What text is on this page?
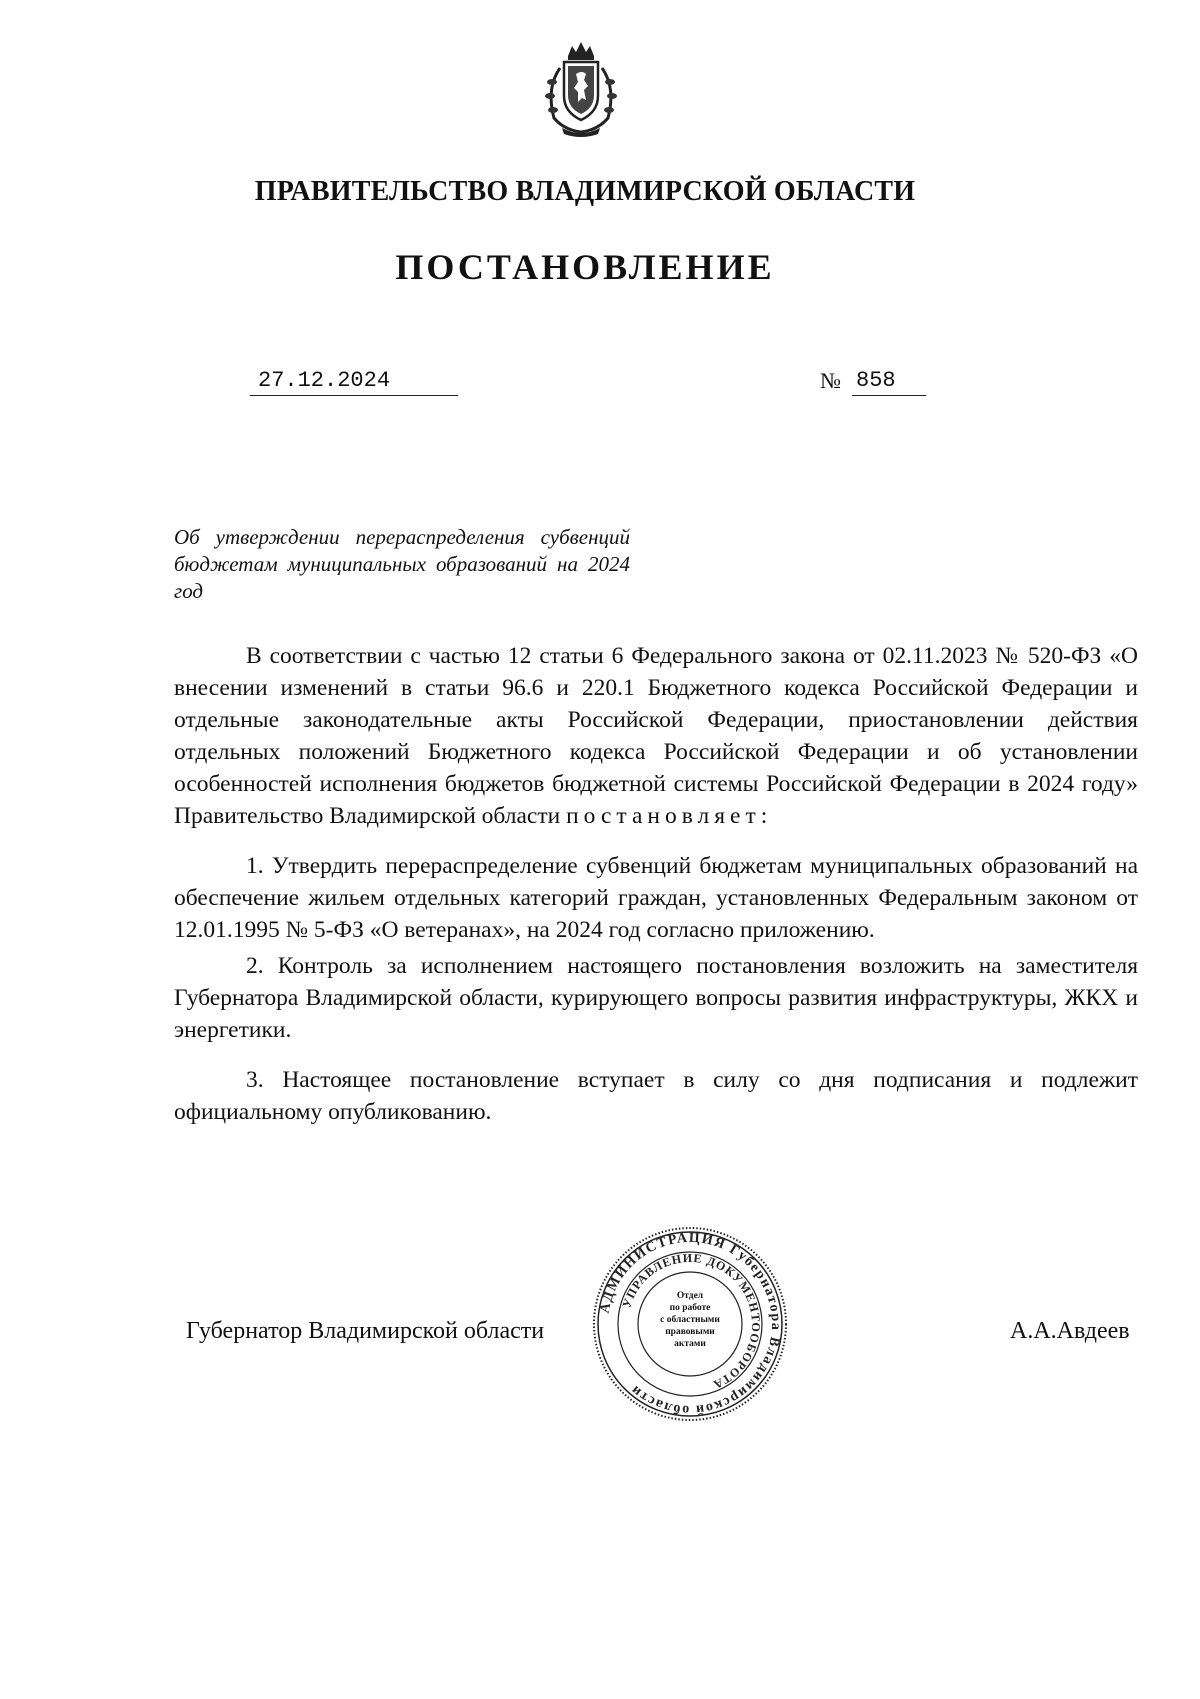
ПРАВИТЕЛЬСТВО ВЛАДИМИРСКОЙ ОБЛАСТИ
ПОСТАНОВЛЕНИЕ
27.12.2024	№ 858
Об утверждении перераспределения субвенций бюджетам муниципальных образований на 2024 год

В соответствии с частью 12 статьи 6 Федерального закона от 02.11.2023 № 520-ФЗ «О внесении изменений в статьи 96.6 и 220.1 Бюджетного кодекса Российской Федерации и отдельные законодательные акты Российской Федерации, приостановлении действия отдельных положений Бюджетного кодекса Российской Федерации и об установлении особенностей исполнения бюджетов бюджетной системы Российской Федерации в 2024 году» Правительство Владимирской области постановляет:

1. Утвердить перераспределение субвенций бюджетам муниципальных образований на обеспечение жильем отдельных категорий граждан, установленных Федеральным законом от 12.01.1995 № 5-ФЗ «О ветеранах», на 2024 год согласно приложению.

2. Контроль за исполнением настоящего постановления возложить на заместителя Губернатора Владимирской области, курирующего вопросы развития инфраструктуры, ЖКХ и энергетики.

3. Настоящее постановление вступает в силу со дня подписания и подлежит официальному опубликованию.

Губернатор Владимирской области	А.А.Авдеев
АДМИНИСТРАЦИЯ Губернатора Владимирской области
УПРАВЛЕНИЕ ДОКУМЕНТООБОРОТА
Отдел
по работе
с областными
правовыми
актами
